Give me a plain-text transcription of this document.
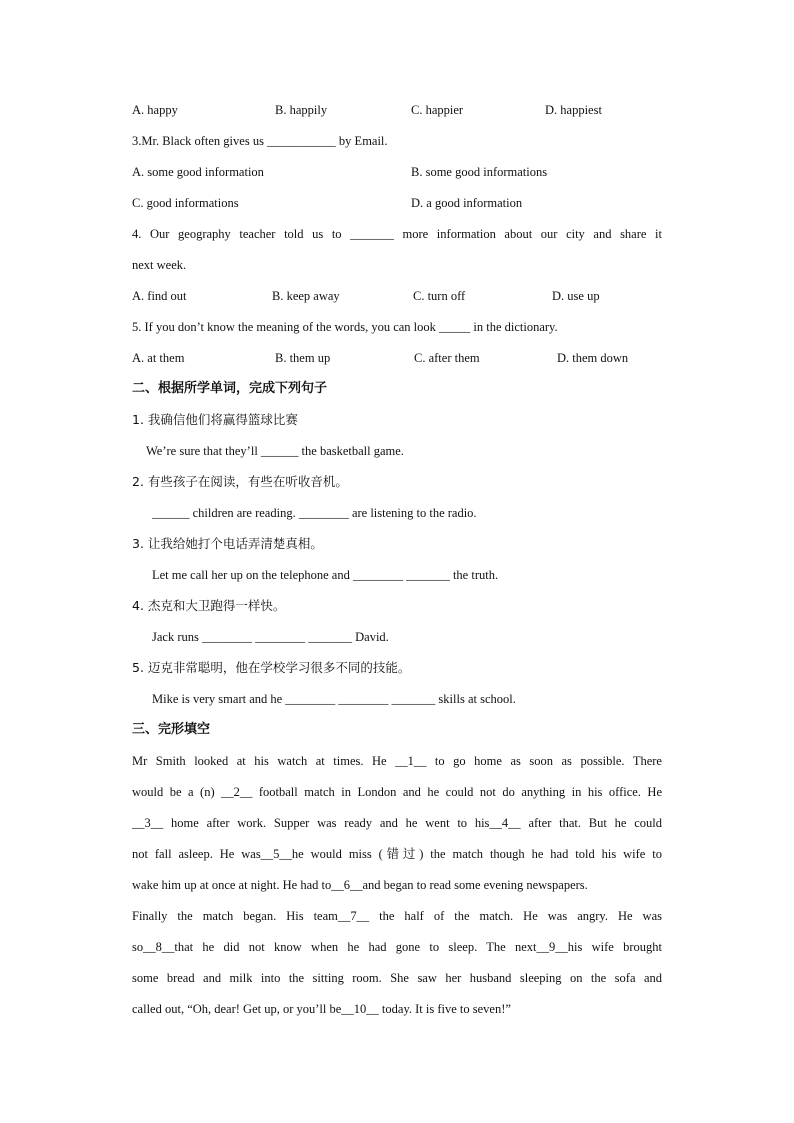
A. happy	B. happily	C. happier	D. happiest
3.Mr. Black often gives us ___________ by Email.
A. some good information	B. some good informations
C. good informations	D. a good information
4. Our geography teacher told us to _______ more information about our city and share it
next week.
A. find out	B. keep away	C. turn off	D. use up
5. If you don’t know the meaning of the words, you can look _____ in the dictionary.
A. at them	B. them up	C. after them	D. them down
二、根据所学单词，完成下列句子
1. 我确信他们将赢得篮球比赛
We’re sure that they’ll ______ the basketball game.
2. 有些孩子在阅读，有些在听收音机。
______ children are reading. ________ are listening to the radio.
3. 让我给她打个电话弄清楚真相。
Let me call her up on the telephone and ________ _______ the truth.
4. 杰克和大卫跑得一样快。
Jack runs ________ ________ _______ David.
5. 迈克非常聪明，他在学校学习很多不同的技能。
Mike is very smart and he ________ ________ _______ skills at school.
三、完形填空
Mr Smith looked at his watch at times. He __1__ to go home as soon as possible. There
would be a (n) __2__ football match in London and he could not do anything in his office. He
__3__ home after work. Supper was ready and he went to his__4__ after that. But he could
not fall asleep. He was__5__he would miss (错过) the match though he had told his wife to
wake him up at once at night. He had to__6__and began to read some evening newspapers.
Finally the match began. His team__7__ the half of the match. He was angry. He was
so__8__that he did not know when he had gone to sleep. The next__9__his wife brought
some bread and milk into the sitting room. She saw her husband sleeping on the sofa and
called out, “Oh, dear! Get up, or you’ll be__10__ today. It is five to seven!”
